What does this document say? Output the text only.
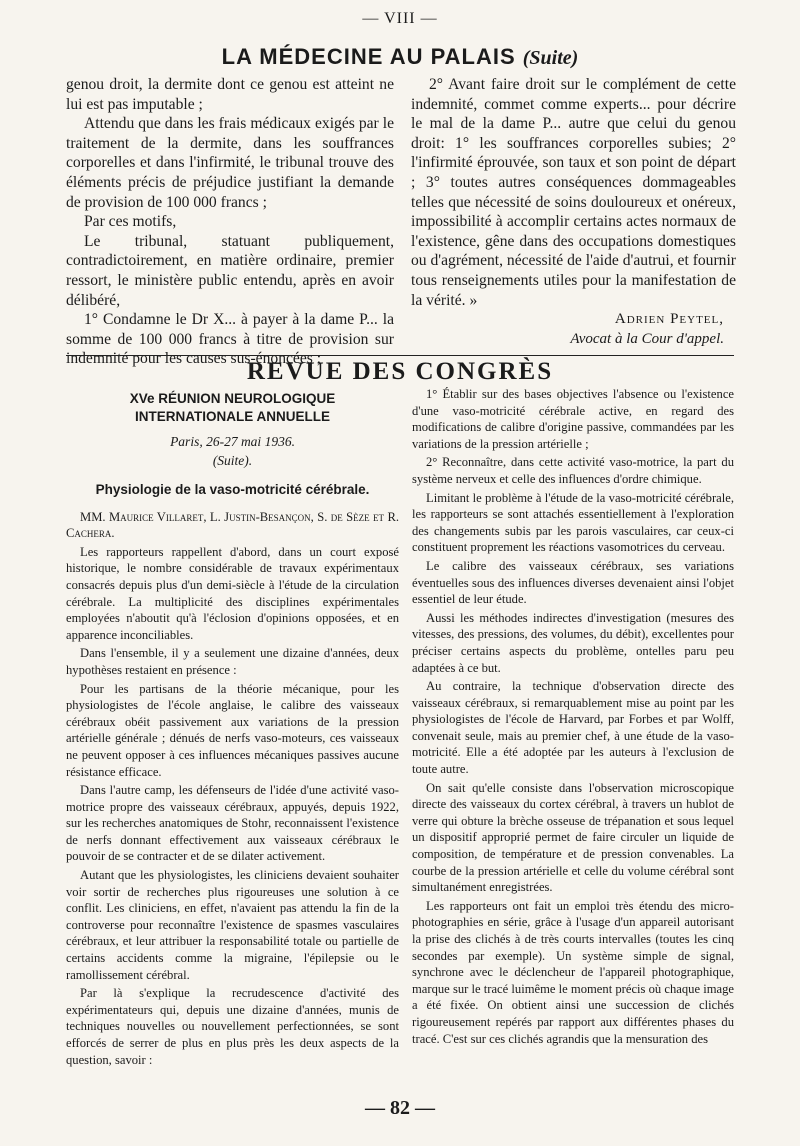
— VIII —
LA MÉDECINE AU PALAIS (Suite)

genou droit, la dermite dont ce genou est atteint ne lui est pas imputable ;

Attendu que dans les frais médicaux exigés par le traitement de la dermite, dans les souffrances corporelles et dans l'infirmité, le tribunal trouve des éléments précis de préjudice justifiant la demande de provision de 100 000 francs ;

Par ces motifs,

Le tribunal, statuant publiquement, contradictoirement, en matière ordinaire, premier ressort, le ministère public entendu, après en avoir délibéré,

1° Condamne le Dr X... à payer à la dame P... la somme de 100 000 francs à titre de provision sur indemnité pour les causes sus-énoncées ;

2° Avant faire droit sur le complément de cette indemnité, commet comme experts... pour décrire le mal de la dame P... autre que celui du genou droit: 1° les souffrances corporelles subies; 2° l'infirmité éprouvée, son taux et son point de départ ; 3° toutes autres conséquences dommageables telles que nécessité de soins douloureux et onéreux, impossibilité à accomplir certains actes normaux de l'existence, gêne dans des occupations domestiques ou d'agrément, nécessité de l'aide d'autrui, et fournir tous renseignements utiles pour la manifestation de la vérité. »

Adrien Peytel,
Avocat à la Cour d'appel.
REVUE DES CONGRÈS
XVe RÉUNION NEUROLOGIQUE
INTERNATIONALE ANNUELLE
Paris, 26-27 mai 1936.
(Suite).
Physiologie de la vaso-motricité cérébrale.

MM. Maurice Villaret, L. Justin-Besançon, S. de Sèze et R. Cachera.

Les rapporteurs rappellent d'abord, dans un court exposé historique, le nombre considérable de travaux expérimentaux consacrés depuis plus d'un demi-siècle à l'étude de la circulation cérébrale. La multiplicité des disciplines expérimentales employées n'aboutit qu'à l'éclosion d'opinions opposées, et en apparence inconciliables.

Dans l'ensemble, il y a seulement une dizaine d'années, deux hypothèses restaient en présence :

Pour les partisans de la théorie mécanique, pour les physiologistes de l'école anglaise, le calibre des vaisseaux cérébraux obéit passivement aux variations de la pression artérielle générale ; dénués de nerfs vaso-moteurs, ces vaisseaux ne peuvent opposer à ces influences mécaniques passives aucune résistance efficace.

Dans l'autre camp, les défenseurs de l'idée d'une activité vaso-motrice propre des vaisseaux cérébraux, appuyés, depuis 1922, sur les recherches anatomiques de Stohr, reconnaissent l'existence de nerfs donnant effectivement aux vaisseaux cérébraux le pouvoir de se contracter et de se dilater activement.

Autant que les physiologistes, les cliniciens devaient souhaiter voir sortir de recherches plus rigoureuses une solution à ce conflit. Les cliniciens, en effet, n'avaient pas attendu la fin de la controverse pour reconnaître l'existence de spasmes vasculaires cérébraux, et leur attribuer la responsabilité totale ou partielle de certains accidents comme la migraine, l'épilepsie ou le ramollissement cérébral.

Par là s'explique la recrudescence d'activité des expérimentateurs qui, depuis une dizaine d'années, munis de techniques nouvelles ou nouvellement perfectionnées, se sont efforcés de serrer de plus en plus près les deux aspects de la question, savoir :

1° Établir sur des bases objectives l'absence ou l'existence d'une vaso-motricité cérébrale active, en regard des modifications de calibre d'origine passive, commandées par les variations de la pression artérielle ;

2° Reconnaître, dans cette activité vaso-motrice, la part du système nerveux et celle des influences d'ordre chimique.

Limitant le problème à l'étude de la vaso-motricité cérébrale, les rapporteurs se sont attachés essentiellement à l'exploration des changements subis par les parois vasculaires, car ceux-ci constituent proprement les réactions vasomotrices du cerveau.

Le calibre des vaisseaux cérébraux, ses variations éventuelles sous des influences diverses devenaient ainsi l'objet essentiel de leur étude.

Aussi les méthodes indirectes d'investigation (mesures des vitesses, des pressions, des volumes, du débit), excellentes pour préciser certains aspects du problème, ontelles paru peu adaptées à ce but.

Au contraire, la technique d'observation directe des vaisseaux cérébraux, si remarquablement mise au point par les physiologistes de l'école de Harvard, par Forbes et par Wolff, convenait seule, mais au premier chef, à une étude de la vaso-motricité. Elle a été adoptée par les auteurs à l'exclusion de toute autre.

On sait qu'elle consiste dans l'observation microscopique directe des vaisseaux du cortex cérébral, à travers un hublot de verre qui obture la brèche osseuse de trépanation et sous lequel un dispositif approprié permet de faire circuler un liquide de composition, de température et de pression convenables. La courbe de la pression artérielle et celle du volume cérébral sont simultanément enregistrées.

Les rapporteurs ont fait un emploi très étendu des micro-photographies en série, grâce à l'usage d'un appareil autorisant la prise des clichés à de très courts intervalles (toutes les cinq secondes par exemple). Un système simple de signal, synchrone avec le déclencheur de l'appareil photographique, marque sur le tracé luimême le moment précis où chaque image a été fixée. On obtient ainsi une succession de clichés rigoureusement repérés par rapport aux différentes phases du tracé. C'est sur ces clichés agrandis que la mensuration des

— 82 —
